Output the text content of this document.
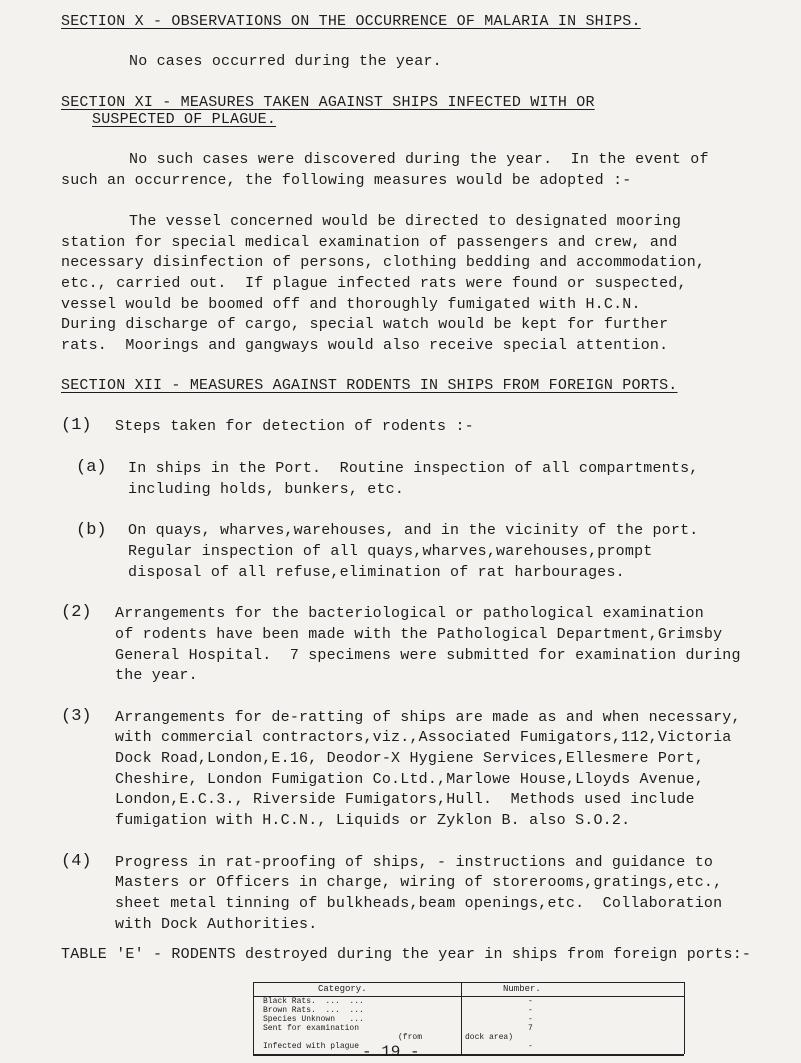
SECTION X - OBSERVATIONS ON THE OCCURRENCE OF MALARIA IN SHIPS.
No cases occurred during the year.
SECTION XI - MEASURES TAKEN AGAINST SHIPS INFECTED WITH OR
SUSPECTED OF PLAGUE.
No such cases were discovered during the year.  In the event of
such an occurrence, the following measures would be adopted :-
The vessel concerned would be directed to designated mooring
station for special medical examination of passengers and crew, and
necessary disinfection of persons, clothing bedding and accommodation,
etc., carried out.  If plague infected rats were found or suspected,
vessel would be boomed off and thoroughly fumigated with H.C.N.
During discharge of cargo, special watch would be kept for further
rats.  Moorings and gangways would also receive special attention.
SECTION XII - MEASURES AGAINST RODENTS IN SHIPS FROM FOREIGN PORTS.
(1) Steps taken for detection of rodents :-
(a) In ships in the Port.  Routine inspection of all compartments,
including holds, bunkers, etc.
(b) On quays, wharves,warehouses, and in the vicinity of the port.
Regular inspection of all quays,wharves,warehouses,prompt
disposal of all refuse,elimination of rat harbourages.
(2) Arrangements for the bacteriological or pathological examination
of rodents have been made with the Pathological Department,Grimsby
General Hospital.  7 specimens were submitted for examination during
the year.
(3) Arrangements for de-ratting of ships are made as and when necessary,
with commercial contractors,viz.,Associated Fumigators,112,Victoria
Dock Road,London,E.16, Deodor-X Hygiene Services,Ellesmere Port,
Cheshire, London Fumigation Co.Ltd.,Marlowe House,Lloyds Avenue,
London,E.C.3., Riverside Fumigators,Hull.  Methods used include
fumigation with H.C.N., Liquids or Zyklon B. also S.O.2.
(4) Progress in rat-proofing of ships, - instructions and guidance to
Masters or Officers in charge, wiring of storerooms,gratings,etc.,
sheet metal tinning of bulkheads,beam openings,etc.  Collaboration
with Dock Authorities.
TABLE 'E' - RODENTS destroyed during the year in ships from foreign ports:-
Category.	Number.
Black Rats.  ...  ...	-
Brown Rats.  ...  ...	-
Species Unknown   ...	-
Sent for examination	7
(from	dock area)
Infected with plague	-
- 19 -
